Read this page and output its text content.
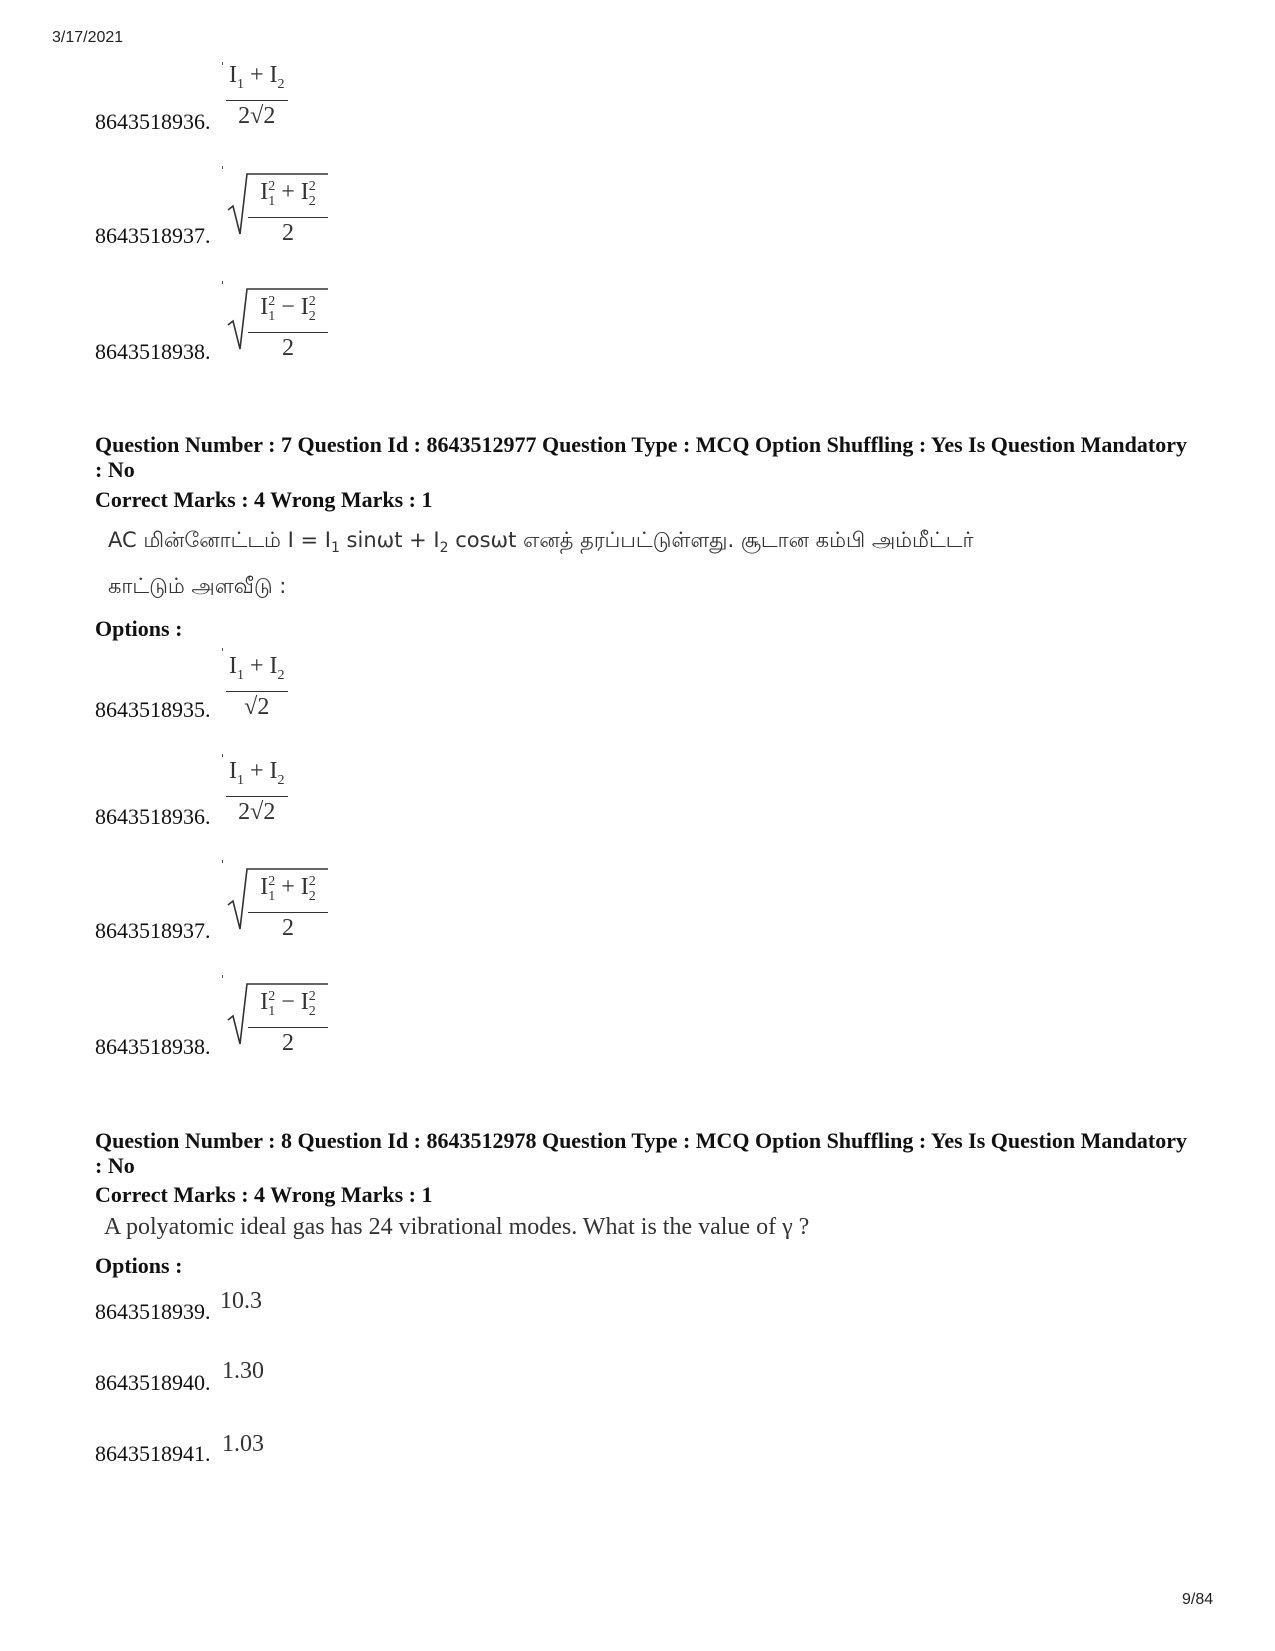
3/17/2021
$\frac{I_1 + I_2}{2√2}$
8643518936.
$I_1^2 + I_2^2$
2
8643518937.
$I_1^2 - I_2^2$
2
8643518938.
Question Number : 7 Question Id : 8643512977 Question Type : MCQ Option Shuffling : Yes Is Question Mandatory : No
Correct Marks : 4 Wrong Marks : 1
AC மின்னோட்டம் $I = I_1$ $\sin\omega t + I_2$ cosωt எனத் தரப்பட்டுள்ளது. சூடான கம்பி அம்மீட்டர்
காட்டும் அளவீடு :
Options :
$\frac{I_1 + I_2}{√2}$
8643518935.
$\frac{I_1 + I_2}{2√2}$
8643518936.
$I_1^2 + I_2^2$
2
8643518937.
$I_1^2 - I_2^2$
2
8643518938.
Question Number : 8 Question Id : 8643512978 Question Type : MCQ Option Shuffling : Yes Is Question Mandatory : No
Correct Marks : 4 Wrong Marks : 1
A polyatomic ideal gas has 24 vibrational modes. What is the value of γ ?
Options :
8643518939. 10.3
8643518940. 1.30
8643518941. 1.03
9/84
